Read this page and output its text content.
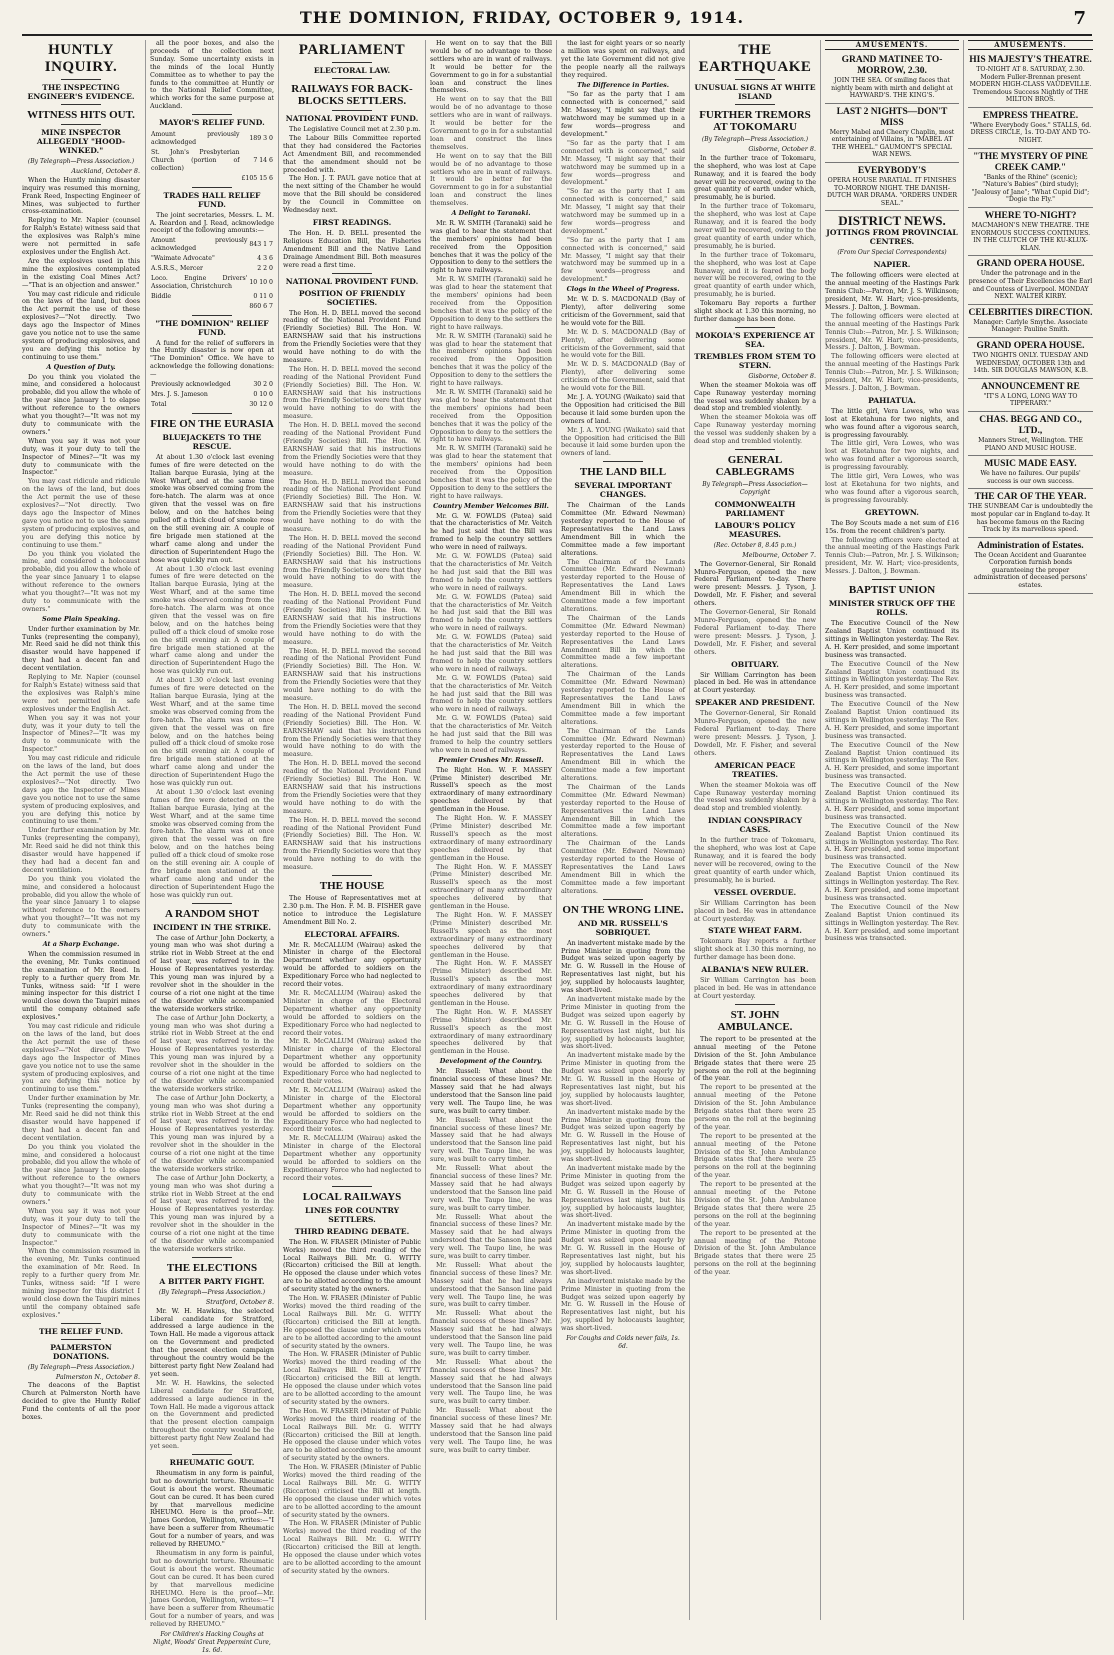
THE DOMINION, FRIDAY, OCTOBER 9, 1914.	7
HUNTLY INQUIRY.
THE INSPECTING ENGINEER'S EVIDENCE.
WITNESS HITS OUT.
MINE INSPECTOR ALLEGEDLY "HOOD-WINKED."
(By Telegraph—Press Association.)
Auckland, October 8.

When the Huntly mining disaster inquiry was resumed this morning, Frank Reed, Inspecting Engineer of Mines, was subjected to further cross-examination.

Replying to Mr. Napier (counsel for Ralph's Estate) witness said that the explosives was Ralph's mine were not permitted in safe explosives under the English Act.

Are the explosives used in this mine the explosives contemplated in the existing Coal Mines Act?—"That is an objection and answer."

You may cast ridicule and ridicule on the laws of the land, but does the Act permit the use of these explosives?—"Not directly. Two days ago the Inspector of Mines gave you notice not to use the same system of producing explosives, and you are defying this notice by continuing to use them."

A Question of Duty.

Do you think you violated the mine, and considered a holocaust probable, did you allow the whole of the year since January 1 to elapse without reference to the owners what you thought?—"It was not my duty to communicate with the owners."

When you say it was not your duty, was it your duty to tell the Inspector of Mines?—"It was my duty to communicate with the Inspector."

You may cast ridicule and ridicule on the laws of the land, but does the Act permit the use of these explosives?—"Not directly. Two days ago the Inspector of Mines gave you notice not to use the same system of producing explosives, and you are defying this notice by continuing to use them."

Do you think you violated the mine, and considered a holocaust probable, did you allow the whole of the year since January 1 to elapse without reference to the owners what you thought?—"It was not my duty to communicate with the owners."

Some Plain Speaking.

Under further examination by Mr. Tunks (representing the company), Mr. Reed said he did not think this disaster would have happened if they had had a decent fan and decent ventilation.

Replying to Mr. Napier (counsel for Ralph's Estate) witness said that the explosives was Ralph's mine were not permitted in safe explosives under the English Act.

When you say it was not your duty, was it your duty to tell the Inspector of Mines?—"It was my duty to communicate with the Inspector."

You may cast ridicule and ridicule on the laws of the land, but does the Act permit the use of these explosives?—"Not directly. Two days ago the Inspector of Mines gave you notice not to use the same system of producing explosives, and you are defying this notice by continuing to use them."

Under further examination by Mr. Tunks (representing the company), Mr. Reed said he did not think this disaster would have happened if they had had a decent fan and decent ventilation.

Do you think you violated the mine, and considered a holocaust probable, did you allow the whole of the year since January 1 to elapse without reference to the owners what you thought?—"It was not my duty to communicate with the owners."

At a Sharp Exchange.

When the commission resumed in the evening, Mr. Tunks continued the examination of Mr. Reed. In reply to a further query from Mr. Tunks, witness said: "If I were mining inspector for this district I would close down the Taupiri mines until the company obtained safe explosives."

You may cast ridicule and ridicule on the laws of the land, but does the Act permit the use of these explosives?—"Not directly. Two days ago the Inspector of Mines gave you notice not to use the same system of producing explosives, and you are defying this notice by continuing to use them."

Under further examination by Mr. Tunks (representing the company), Mr. Reed said he did not think this disaster would have happened if they had had a decent fan and decent ventilation.

Do you think you violated the mine, and considered a holocaust probable, did you allow the whole of the year since January 1 to elapse without reference to the owners what you thought?—"It was not my duty to communicate with the owners."

When you say it was not your duty, was it your duty to tell the Inspector of Mines?—"It was my duty to communicate with the Inspector."

When the commission resumed in the evening, Mr. Tunks continued the examination of Mr. Reed. In reply to a further query from Mr. Tunks, witness said: "If I were mining inspector for this district I would close down the Taupiri mines until the company obtained safe explosives."

THE RELIEF FUND.
PALMERSTON DONATIONS.
(By Telegraph—Press Association.)
Palmerston N., October 8.

The deacons of the Baptist Church at Palmerston North have decided to give the Huntly Relief Fund the contents of all the poor boxes.

all the poor boxes, and also the proceeds of the collection next Sunday. Some uncertainty exists in the minds of the local Huntly Committee as to whether to pay the funds to the committee at Huntly or to the National Relief Committee, which works for the same purpose at Auckland.

MAYOR'S RELIEF FUND.
Amount previously acknowledged	189 3 0
St. John's Presbyterian Church (portion of collection)	7 14 6
	£105 15 6
TRADES HALL RELIEF FUND.

The joint secretaries, Messrs. L. M. A. Reardon and J. Read, acknowledge receipt of the following amounts:—

Amount previously acknowledged	843 1 7
"Waimate Advocate"	4 3 6
A.S.R.S., Mercer	2 2 0
Loco. Engine Drivers' Association, Christchurch	10 10 0
Biddle	0 11 0
	860 6 7
"THE DOMINION" RELIEF FUND.

A fund for the relief of sufferers in the Huntly disaster is now open at "The Dominion" Office. We have to acknowledge the following donations:—

Previously acknowledged	30 2 0
Mrs. J. S. Jameson	0 10 0
Total	30 12 0
FIRE ON THE EURASIA
BLUEJACKETS TO THE RESCUE.

At about 1.30 o'clock last evening fumes of fire were detected on the Italian barque Eurasia, lying at the West Wharf, and at the same time smoke was observed coming from the fore-hatch. The alarm was at once given that the vessel was on fire below, and on the hatches being pulled off a thick cloud of smoke rose on the still evening air. A couple of fire brigade men stationed at the wharf came along and under the direction of Superintendent Hugo the hose was quickly run out.

At about 1.30 o'clock last evening fumes of fire were detected on the Italian barque Eurasia, lying at the West Wharf, and at the same time smoke was observed coming from the fore-hatch. The alarm was at once given that the vessel was on fire below, and on the hatches being pulled off a thick cloud of smoke rose on the still evening air. A couple of fire brigade men stationed at the wharf came along and under the direction of Superintendent Hugo the hose was quickly run out.

At about 1.30 o'clock last evening fumes of fire were detected on the Italian barque Eurasia, lying at the West Wharf, and at the same time smoke was observed coming from the fore-hatch. The alarm was at once given that the vessel was on fire below, and on the hatches being pulled off a thick cloud of smoke rose on the still evening air. A couple of fire brigade men stationed at the wharf came along and under the direction of Superintendent Hugo the hose was quickly run out.

At about 1.30 o'clock last evening fumes of fire were detected on the Italian barque Eurasia, lying at the West Wharf, and at the same time smoke was observed coming from the fore-hatch. The alarm was at once given that the vessel was on fire below, and on the hatches being pulled off a thick cloud of smoke rose on the still evening air. A couple of fire brigade men stationed at the wharf came along and under the direction of Superintendent Hugo the hose was quickly run out.

A RANDOM SHOT
INCIDENT IN THE STRIKE.

The case of Arthur John Dockerty, a young man who was shot during a strike riot in Webb Street at the end of last year, was referred to in the House of Representatives yesterday. This young man was injured by a revolver shot in the shoulder in the course of a riot one night at the time of the disorder while accompanied the waterside workers strike.

The case of Arthur John Dockerty, a young man who was shot during a strike riot in Webb Street at the end of last year, was referred to in the House of Representatives yesterday. This young man was injured by a revolver shot in the shoulder in the course of a riot one night at the time of the disorder while accompanied the waterside workers strike.

The case of Arthur John Dockerty, a young man who was shot during a strike riot in Webb Street at the end of last year, was referred to in the House of Representatives yesterday. This young man was injured by a revolver shot in the shoulder in the course of a riot one night at the time of the disorder while accompanied the waterside workers strike.

The case of Arthur John Dockerty, a young man who was shot during a strike riot in Webb Street at the end of last year, was referred to in the House of Representatives yesterday. This young man was injured by a revolver shot in the shoulder in the course of a riot one night at the time of the disorder while accompanied the waterside workers strike.

THE ELECTIONS
A BITTER PARTY FIGHT.
(By Telegraph—Press Association.)
Stratford, October 8.

Mr. W. H. Hawkins, the selected Liberal candidate for Stratford, addressed a large audience in the Town Hall. He made a vigorous attack on the Government and predicted that the present election campaign throughout the country would be the bitterest party fight New Zealand had yet seen.

Mr. W. H. Hawkins, the selected Liberal candidate for Stratford, addressed a large audience in the Town Hall. He made a vigorous attack on the Government and predicted that the present election campaign throughout the country would be the bitterest party fight New Zealand had yet seen.

RHEUMATIC GOUT.

Rheumatism in any form is painful, but no downright torture. Rheumatic Gout is about the worst. Rheumatic Gout can be cured. It has been cured by that marvellous medicine RHEUMO. Here is the proof—Mr. James Gordon, Wellington, writes:—"I have been a sufferer from Rheumatic Gout for a number of years, and was relieved by RHEUMO."

Rheumatism in any form is painful, but no downright torture. Rheumatic Gout is about the worst. Rheumatic Gout can be cured. It has been cured by that marvellous medicine RHEUMO. Here is the proof—Mr. James Gordon, Wellington, writes:—"I have been a sufferer from Rheumatic Gout for a number of years, and was relieved by RHEUMO."

For Children's Hacking Coughs at Night, Woods' Great Peppermint Cure, 1s. 6d.
PARLIAMENT
ELECTORAL LAW.
RAILWAYS FOR BACK-BLOCKS SETTLERS.
NATIONAL PROVIDENT FUND.

The Legislative Council met at 2.30 p.m.

The Labour Bills Committee reported that they had considered the Factories Act Amendment Bill, and recommended that the amendment should not be proceeded with.

The Hon. J. T. PAUL gave notice that at the next sitting of the Chamber he would move that the Bill should be considered by the Council in Committee on Wednesday next.

FIRST READINGS.

The Hon. H. D. BELL presented the Religious Education Bill, the Fisheries Amendment Bill and the Native Land Drainage Amendment Bill. Both measures were read a first time.

NATIONAL PROVIDENT FUND.
POSITION OF FRIENDLY SOCIETIES.

The Hon. H. D. BELL moved the second reading of the National Provident Fund (Friendly Societies) Bill. The Hon. W. EARNSHAW said that his instructions from the Friendly Societies were that they would have nothing to do with the measure.

The Hon. H. D. BELL moved the second reading of the National Provident Fund (Friendly Societies) Bill. The Hon. W. EARNSHAW said that his instructions from the Friendly Societies were that they would have nothing to do with the measure.

The Hon. H. D. BELL moved the second reading of the National Provident Fund (Friendly Societies) Bill. The Hon. W. EARNSHAW said that his instructions from the Friendly Societies were that they would have nothing to do with the measure.

The Hon. H. D. BELL moved the second reading of the National Provident Fund (Friendly Societies) Bill. The Hon. W. EARNSHAW said that his instructions from the Friendly Societies were that they would have nothing to do with the measure.

The Hon. H. D. BELL moved the second reading of the National Provident Fund (Friendly Societies) Bill. The Hon. W. EARNSHAW said that his instructions from the Friendly Societies were that they would have nothing to do with the measure.

The Hon. H. D. BELL moved the second reading of the National Provident Fund (Friendly Societies) Bill. The Hon. W. EARNSHAW said that his instructions from the Friendly Societies were that they would have nothing to do with the measure.

The Hon. H. D. BELL moved the second reading of the National Provident Fund (Friendly Societies) Bill. The Hon. W. EARNSHAW said that his instructions from the Friendly Societies were that they would have nothing to do with the measure.

The Hon. H. D. BELL moved the second reading of the National Provident Fund (Friendly Societies) Bill. The Hon. W. EARNSHAW said that his instructions from the Friendly Societies were that they would have nothing to do with the measure.

The Hon. H. D. BELL moved the second reading of the National Provident Fund (Friendly Societies) Bill. The Hon. W. EARNSHAW said that his instructions from the Friendly Societies were that they would have nothing to do with the measure.

The Hon. H. D. BELL moved the second reading of the National Provident Fund (Friendly Societies) Bill. The Hon. W. EARNSHAW said that his instructions from the Friendly Societies were that they would have nothing to do with the measure.

THE HOUSE

The House of Representatives met at 2.30 p.m. The Hon. F. M. B. FISHER gave notice to introduce the Legislature Amendment Bill No. 2.

ELECTORAL AFFAIRS.

Mr. R. McCALLUM (Wairau) asked the Minister in charge of the Electoral Department whether any opportunity would be afforded to soldiers on the Expeditionary Force who had neglected to record their votes.

Mr. R. McCALLUM (Wairau) asked the Minister in charge of the Electoral Department whether any opportunity would be afforded to soldiers on the Expeditionary Force who had neglected to record their votes.

Mr. R. McCALLUM (Wairau) asked the Minister in charge of the Electoral Department whether any opportunity would be afforded to soldiers on the Expeditionary Force who had neglected to record their votes.

Mr. R. McCALLUM (Wairau) asked the Minister in charge of the Electoral Department whether any opportunity would be afforded to soldiers on the Expeditionary Force who had neglected to record their votes.

Mr. R. McCALLUM (Wairau) asked the Minister in charge of the Electoral Department whether any opportunity would be afforded to soldiers on the Expeditionary Force who had neglected to record their votes.

LOCAL RAILWAYS
LINES FOR COUNTRY SETTLERS.
THIRD READING DEBATE.

The Hon. W. FRASER (Minister of Public Works) moved the third reading of the Local Railways Bill. Mr. G. WITTY (Riccarton) criticised the Bill at length. He opposed the clause under which votes are to be allotted according to the amount of security stated by the owners.

The Hon. W. FRASER (Minister of Public Works) moved the third reading of the Local Railways Bill. Mr. G. WITTY (Riccarton) criticised the Bill at length. He opposed the clause under which votes are to be allotted according to the amount of security stated by the owners.

The Hon. W. FRASER (Minister of Public Works) moved the third reading of the Local Railways Bill. Mr. G. WITTY (Riccarton) criticised the Bill at length. He opposed the clause under which votes are to be allotted according to the amount of security stated by the owners.

The Hon. W. FRASER (Minister of Public Works) moved the third reading of the Local Railways Bill. Mr. G. WITTY (Riccarton) criticised the Bill at length. He opposed the clause under which votes are to be allotted according to the amount of security stated by the owners.

The Hon. W. FRASER (Minister of Public Works) moved the third reading of the Local Railways Bill. Mr. G. WITTY (Riccarton) criticised the Bill at length. He opposed the clause under which votes are to be allotted according to the amount of security stated by the owners.

The Hon. W. FRASER (Minister of Public Works) moved the third reading of the Local Railways Bill. Mr. G. WITTY (Riccarton) criticised the Bill at length. He opposed the clause under which votes are to be allotted according to the amount of security stated by the owners.

He went on to say that the Bill would be of no advantage to those settlers who are in want of railways. It would be better for the Government to go in for a substantial loan and construct the lines themselves.

He went on to say that the Bill would be of no advantage to those settlers who are in want of railways. It would be better for the Government to go in for a substantial loan and construct the lines themselves.

He went on to say that the Bill would be of no advantage to those settlers who are in want of railways. It would be better for the Government to go in for a substantial loan and construct the lines themselves.

A Delight to Taranaki.

Mr. R. W. SMITH (Taranaki) said he was glad to hear the statement that the members' opinions had been received from the Opposition benches that it was the policy of the Opposition to deny to the settlers the right to have railways.

Mr. R. W. SMITH (Taranaki) said he was glad to hear the statement that the members' opinions had been received from the Opposition benches that it was the policy of the Opposition to deny to the settlers the right to have railways.

Mr. R. W. SMITH (Taranaki) said he was glad to hear the statement that the members' opinions had been received from the Opposition benches that it was the policy of the Opposition to deny to the settlers the right to have railways.

Mr. R. W. SMITH (Taranaki) said he was glad to hear the statement that the members' opinions had been received from the Opposition benches that it was the policy of the Opposition to deny to the settlers the right to have railways.

Mr. R. W. SMITH (Taranaki) said he was glad to hear the statement that the members' opinions had been received from the Opposition benches that it was the policy of the Opposition to deny to the settlers the right to have railways.

Country Member Welcomes Bill.

Mr. G. W. FOWLDS (Patea) said that the characteristics of Mr. Veitch he had just said that the Bill was framed to help the country settlers who were in need of railways.

Mr. G. W. FOWLDS (Patea) said that the characteristics of Mr. Veitch he had just said that the Bill was framed to help the country settlers who were in need of railways.

Mr. G. W. FOWLDS (Patea) said that the characteristics of Mr. Veitch he had just said that the Bill was framed to help the country settlers who were in need of railways.

Mr. G. W. FOWLDS (Patea) said that the characteristics of Mr. Veitch he had just said that the Bill was framed to help the country settlers who were in need of railways.

Mr. G. W. FOWLDS (Patea) said that the characteristics of Mr. Veitch he had just said that the Bill was framed to help the country settlers who were in need of railways.

Mr. G. W. FOWLDS (Patea) said that the characteristics of Mr. Veitch he had just said that the Bill was framed to help the country settlers who were in need of railways.

Premier Crushes Mr. Russell.

The Right Hon. W. F. MASSEY (Prime Minister) described Mr. Russell's speech as the most extraordinary of many extraordinary speeches delivered by that gentleman in the House.

The Right Hon. W. F. MASSEY (Prime Minister) described Mr. Russell's speech as the most extraordinary of many extraordinary speeches delivered by that gentleman in the House.

The Right Hon. W. F. MASSEY (Prime Minister) described Mr. Russell's speech as the most extraordinary of many extraordinary speeches delivered by that gentleman in the House.

The Right Hon. W. F. MASSEY (Prime Minister) described Mr. Russell's speech as the most extraordinary of many extraordinary speeches delivered by that gentleman in the House.

The Right Hon. W. F. MASSEY (Prime Minister) described Mr. Russell's speech as the most extraordinary of many extraordinary speeches delivered by that gentleman in the House.

The Right Hon. W. F. MASSEY (Prime Minister) described Mr. Russell's speech as the most extraordinary of many extraordinary speeches delivered by that gentleman in the House.

Development of the Country.

Mr. Russell: What about the financial success of these lines? Mr. Massey said that he had always understood that the Sanson line paid very well. The Taupo line, he was sure, was built to carry timber.

Mr. Russell: What about the financial success of these lines? Mr. Massey said that he had always understood that the Sanson line paid very well. The Taupo line, he was sure, was built to carry timber.

Mr. Russell: What about the financial success of these lines? Mr. Massey said that he had always understood that the Sanson line paid very well. The Taupo line, he was sure, was built to carry timber.

Mr. Russell: What about the financial success of these lines? Mr. Massey said that he had always understood that the Sanson line paid very well. The Taupo line, he was sure, was built to carry timber.

Mr. Russell: What about the financial success of these lines? Mr. Massey said that he had always understood that the Sanson line paid very well. The Taupo line, he was sure, was built to carry timber.

Mr. Russell: What about the financial success of these lines? Mr. Massey said that he had always understood that the Sanson line paid very well. The Taupo line, he was sure, was built to carry timber.

Mr. Russell: What about the financial success of these lines? Mr. Massey said that he had always understood that the Sanson line paid very well. The Taupo line, he was sure, was built to carry timber.

Mr. Russell: What about the financial success of these lines? Mr. Massey said that he had always understood that the Sanson line paid very well. The Taupo line, he was sure, was built to carry timber.

the last for eight years or so nearly a million was spent on railways, and yet the late Government did not give the people nearly all the railways they required.

The Difference in Parties.

"So far as the party that I am connected with is concerned," said Mr. Massey, "I might say that their watchword may be summed up in a few words—progress and development."

"So far as the party that I am connected with is concerned," said Mr. Massey, "I might say that their watchword may be summed up in a few words—progress and development."

"So far as the party that I am connected with is concerned," said Mr. Massey, "I might say that their watchword may be summed up in a few words—progress and development."

"So far as the party that I am connected with is concerned," said Mr. Massey, "I might say that their watchword may be summed up in a few words—progress and development."

Clogs in the Wheel of Progress.

Mr. W. D. S. MACDONALD (Bay of Plenty), after delivering some criticism of the Government, said that he would vote for the Bill.

Mr. W. D. S. MACDONALD (Bay of Plenty), after delivering some criticism of the Government, said that he would vote for the Bill.

Mr. W. D. S. MACDONALD (Bay of Plenty), after delivering some criticism of the Government, said that he would vote for the Bill.

Mr. J. A. YOUNG (Waikato) said that the Opposition had criticised the Bill because it laid some burden upon the owners of land.

Mr. J. A. YOUNG (Waikato) said that the Opposition had criticised the Bill because it laid some burden upon the owners of land.

THE LAND BILL
SEVERAL IMPORTANT CHANGES.

The Chairman of the Lands Committee (Mr. Edward Newman) yesterday reported to the House of Representatives the Land Laws Amendment Bill in which the Committee made a few important alterations.

The Chairman of the Lands Committee (Mr. Edward Newman) yesterday reported to the House of Representatives the Land Laws Amendment Bill in which the Committee made a few important alterations.

The Chairman of the Lands Committee (Mr. Edward Newman) yesterday reported to the House of Representatives the Land Laws Amendment Bill in which the Committee made a few important alterations.

The Chairman of the Lands Committee (Mr. Edward Newman) yesterday reported to the House of Representatives the Land Laws Amendment Bill in which the Committee made a few important alterations.

The Chairman of the Lands Committee (Mr. Edward Newman) yesterday reported to the House of Representatives the Land Laws Amendment Bill in which the Committee made a few important alterations.

The Chairman of the Lands Committee (Mr. Edward Newman) yesterday reported to the House of Representatives the Land Laws Amendment Bill in which the Committee made a few important alterations.

The Chairman of the Lands Committee (Mr. Edward Newman) yesterday reported to the House of Representatives the Land Laws Amendment Bill in which the Committee made a few important alterations.

ON THE WRONG LINE.
AND MR. RUSSELL'S SOBRIQUET.

An inadvertent mistake made by the Prime Minister in quoting from the Budget was seized upon eagerly by Mr. G. W. Russell in the House of Representatives last night, but his joy, supplied by holocausts laughter, was short-lived.

An inadvertent mistake made by the Prime Minister in quoting from the Budget was seized upon eagerly by Mr. G. W. Russell in the House of Representatives last night, but his joy, supplied by holocausts laughter, was short-lived.

An inadvertent mistake made by the Prime Minister in quoting from the Budget was seized upon eagerly by Mr. G. W. Russell in the House of Representatives last night, but his joy, supplied by holocausts laughter, was short-lived.

An inadvertent mistake made by the Prime Minister in quoting from the Budget was seized upon eagerly by Mr. G. W. Russell in the House of Representatives last night, but his joy, supplied by holocausts laughter, was short-lived.

An inadvertent mistake made by the Prime Minister in quoting from the Budget was seized upon eagerly by Mr. G. W. Russell in the House of Representatives last night, but his joy, supplied by holocausts laughter, was short-lived.

An inadvertent mistake made by the Prime Minister in quoting from the Budget was seized upon eagerly by Mr. G. W. Russell in the House of Representatives last night, but his joy, supplied by holocausts laughter, was short-lived.

An inadvertent mistake made by the Prime Minister in quoting from the Budget was seized upon eagerly by Mr. G. W. Russell in the House of Representatives last night, but his joy, supplied by holocausts laughter, was short-lived.

For Coughs and Colds never fails, 1s. 6d.
THE EARTHQUAKE
UNUSUAL SIGNS AT WHITE ISLAND
FURTHER TREMORS AT TOKOMARU
(By Telegraph—Press Association.)
Gisborne, October 8.

In the further trace of Tokomaru, the shepherd, who was lost at Cape Runaway, and it is feared the body never will be recovered, owing to the great quantity of earth under which, presumably, he is buried.

In the further trace of Tokomaru, the shepherd, who was lost at Cape Runaway, and it is feared the body never will be recovered, owing to the great quantity of earth under which, presumably, he is buried.

In the further trace of Tokomaru, the shepherd, who was lost at Cape Runaway, and it is feared the body never will be recovered, owing to the great quantity of earth under which, presumably, he is buried.

Tokomaru Bay reports a further slight shock at 1.30 this morning, no further damage has been done.

MOKOIA'S EXPERIENCE AT SEA.
TREMBLES FROM STEM TO STERN.
Gisborne, October 8.

When the steamer Mokoia was off Cape Runaway yesterday morning the vessel was suddenly shaken by a dead stop and trembled violently.

When the steamer Mokoia was off Cape Runaway yesterday morning the vessel was suddenly shaken by a dead stop and trembled violently.

GENERAL CABLEGRAMS
By Telegraph—Press Association—Copyright
COMMONWEALTH PARLIAMENT
LABOUR'S POLICY MEASURES.
(Rec. October 8, 8.45 p.m.)
Melbourne, October 7.

The Governor-General, Sir Ronald Munro-Ferguson, opened the new Federal Parliament to-day. There were present: Messrs. J. Tyson, J. Dowdell, Mr. F. Fisher, and several others.

The Governor-General, Sir Ronald Munro-Ferguson, opened the new Federal Parliament to-day. There were present: Messrs. J. Tyson, J. Dowdell, Mr. F. Fisher, and several others.

OBITUARY.

Sir William Carrington has been placed in bed. He was in attendance at Court yesterday.

SPEAKER AND PRESIDENT.

The Governor-General, Sir Ronald Munro-Ferguson, opened the new Federal Parliament to-day. There were present: Messrs. J. Tyson, J. Dowdell, Mr. F. Fisher, and several others.

AMERICAN PEACE TREATIES.

When the steamer Mokoia was off Cape Runaway yesterday morning the vessel was suddenly shaken by a dead stop and trembled violently.

INDIAN CONSPIRACY CASES.

In the further trace of Tokomaru, the shepherd, who was lost at Cape Runaway, and it is feared the body never will be recovered, owing to the great quantity of earth under which, presumably, he is buried.

VESSEL OVERDUE.

Sir William Carrington has been placed in bed. He was in attendance at Court yesterday.

STATE WHEAT FARM.

Tokomaru Bay reports a further slight shock at 1.30 this morning, no further damage has been done.

ALBANIA'S NEW RULER.

Sir William Carrington has been placed in bed. He was in attendance at Court yesterday.

ST. JOHN AMBULANCE.

The report to be presented at the annual meeting of the Petone Division of the St. John Ambulance Brigade states that there were 25 persons on the roll at the beginning of the year.

The report to be presented at the annual meeting of the Petone Division of the St. John Ambulance Brigade states that there were 25 persons on the roll at the beginning of the year.

The report to be presented at the annual meeting of the Petone Division of the St. John Ambulance Brigade states that there were 25 persons on the roll at the beginning of the year.

The report to be presented at the annual meeting of the Petone Division of the St. John Ambulance Brigade states that there were 25 persons on the roll at the beginning of the year.

The report to be presented at the annual meeting of the Petone Division of the St. John Ambulance Brigade states that there were 25 persons on the roll at the beginning of the year.

AMUSEMENTS.
GRAND MATINEE TO-MORROW, 2.30.
JOIN THE SEA. Of smiling faces that nightly beam with mirth and delight at HAYWARD'S. THE KING'S.
LAST 2 NIGHTS—DON'T MISS
Merry Mabel and Cheery Chaplin, most entertaining of Villains, in "MABEL AT THE WHEEL." GAUMONT'S SPECIAL WAR NEWS.
EVERYBODY'S
OPERA HOUSE PARATIAL. IT FINISHES TO-MORROW NIGHT. THE DANISH-DUTCH WAR DRAMA. "ORDERS UNDER SEAL."
DISTRICT NEWS.
JOTTINGS FROM PROVINCIAL CENTRES.
(From Our Special Correspondents)
NAPIER.

The following officers were elected at the annual meeting of the Hastings Park Tennis Club:—Patron, Mr. J. S. Wilkinson; president, Mr. W. Hart; vice-presidents, Messrs. J. Dalton, J. Bowman.

The following officers were elected at the annual meeting of the Hastings Park Tennis Club:—Patron, Mr. J. S. Wilkinson; president, Mr. W. Hart; vice-presidents, Messrs. J. Dalton, J. Bowman.

The following officers were elected at the annual meeting of the Hastings Park Tennis Club:—Patron, Mr. J. S. Wilkinson; president, Mr. W. Hart; vice-presidents, Messrs. J. Dalton, J. Bowman.

PAHIATUA.

The little girl, Vera Lowes, who was lost at Eketahuna for two nights, and who was found after a vigorous search, is progressing favourably.

The little girl, Vera Lowes, who was lost at Eketahuna for two nights, and who was found after a vigorous search, is progressing favourably.

The little girl, Vera Lowes, who was lost at Eketahuna for two nights, and who was found after a vigorous search, is progressing favourably.

GREYTOWN.

The Boy Scouts made a net sum of £16 15s. from the recent children's party.

The following officers were elected at the annual meeting of the Hastings Park Tennis Club:—Patron, Mr. J. S. Wilkinson; president, Mr. W. Hart; vice-presidents, Messrs. J. Dalton, J. Bowman.

BAPTIST UNION
MINISTER STRUCK OFF THE ROLLS.

The Executive Council of the New Zealand Baptist Union continued its sittings in Wellington yesterday. The Rev. A. H. Kerr presided, and some important business was transacted.

The Executive Council of the New Zealand Baptist Union continued its sittings in Wellington yesterday. The Rev. A. H. Kerr presided, and some important business was transacted.

The Executive Council of the New Zealand Baptist Union continued its sittings in Wellington yesterday. The Rev. A. H. Kerr presided, and some important business was transacted.

The Executive Council of the New Zealand Baptist Union continued its sittings in Wellington yesterday. The Rev. A. H. Kerr presided, and some important business was transacted.

The Executive Council of the New Zealand Baptist Union continued its sittings in Wellington yesterday. The Rev. A. H. Kerr presided, and some important business was transacted.

The Executive Council of the New Zealand Baptist Union continued its sittings in Wellington yesterday. The Rev. A. H. Kerr presided, and some important business was transacted.

The Executive Council of the New Zealand Baptist Union continued its sittings in Wellington yesterday. The Rev. A. H. Kerr presided, and some important business was transacted.

The Executive Council of the New Zealand Baptist Union continued its sittings in Wellington yesterday. The Rev. A. H. Kerr presided, and some important business was transacted.

AMUSEMENTS.
HIS MAJESTY'S THEATRE.
TO-NIGHT AT 8. SATURDAY, 2.30. Modern Fuller-Brennan present MODERN HIGH-CLASS VAUDEVILLE. Tremendous Success Nightly of THE MILTON BROS.
EMPRESS THEATRE.
"Where Everybody Goes." STALLS, 6d. DRESS CIRCLE, 1s. TO-DAY AND TO-NIGHT.
"THE MYSTERY OF PINE CREEK CAMP."
"Banks of the Rhine" (scenic); "Nature's Babies" (bird study); "Jealousy of Jane"; "What Cupid Did"; "Dogie the Fly."
WHERE TO-NIGHT?
MACMAHON'S NEW THEATRE. THE ENORMOUS SUCCESS CONTINUES. IN THE CLUTCH OF THE KU-KLUX-KLAN.
GRAND OPERA HOUSE.
Under the patronage and in the presence of Their Excellencies the Earl and Countess of Liverpool. MONDAY NEXT. WALTER KIRBY.
CELEBRITIES DIRECTION.
Manager: Carlyle Smythe. Associate Manager: Pauline Smith.
GRAND OPERA HOUSE.
TWO NIGHTS ONLY. TUESDAY AND WEDNESDAY, OCTOBER 13th and 14th. SIR DOUGLAS MAWSON, K.B.
ANNOUNCEMENT RE
"IT'S A LONG, LONG WAY TO TIPPERARY."
CHAS. BEGG AND CO., LTD.,
Manners Street, Wellington. THE PIANO AND MUSIC HOUSE.
MUSIC MADE EASY.
We have no failures. Our pupils' success is our own success.
THE CAR OF THE YEAR.
THE SUNBEAM Car is undoubtedly the most popular car in England to-day. It has become famous on the Racing Track by its marvellous speed.
Administration of Estates.
The Ocean Accident and Guarantee Corporation furnish bonds guaranteeing the proper administration of deceased persons' estates.
